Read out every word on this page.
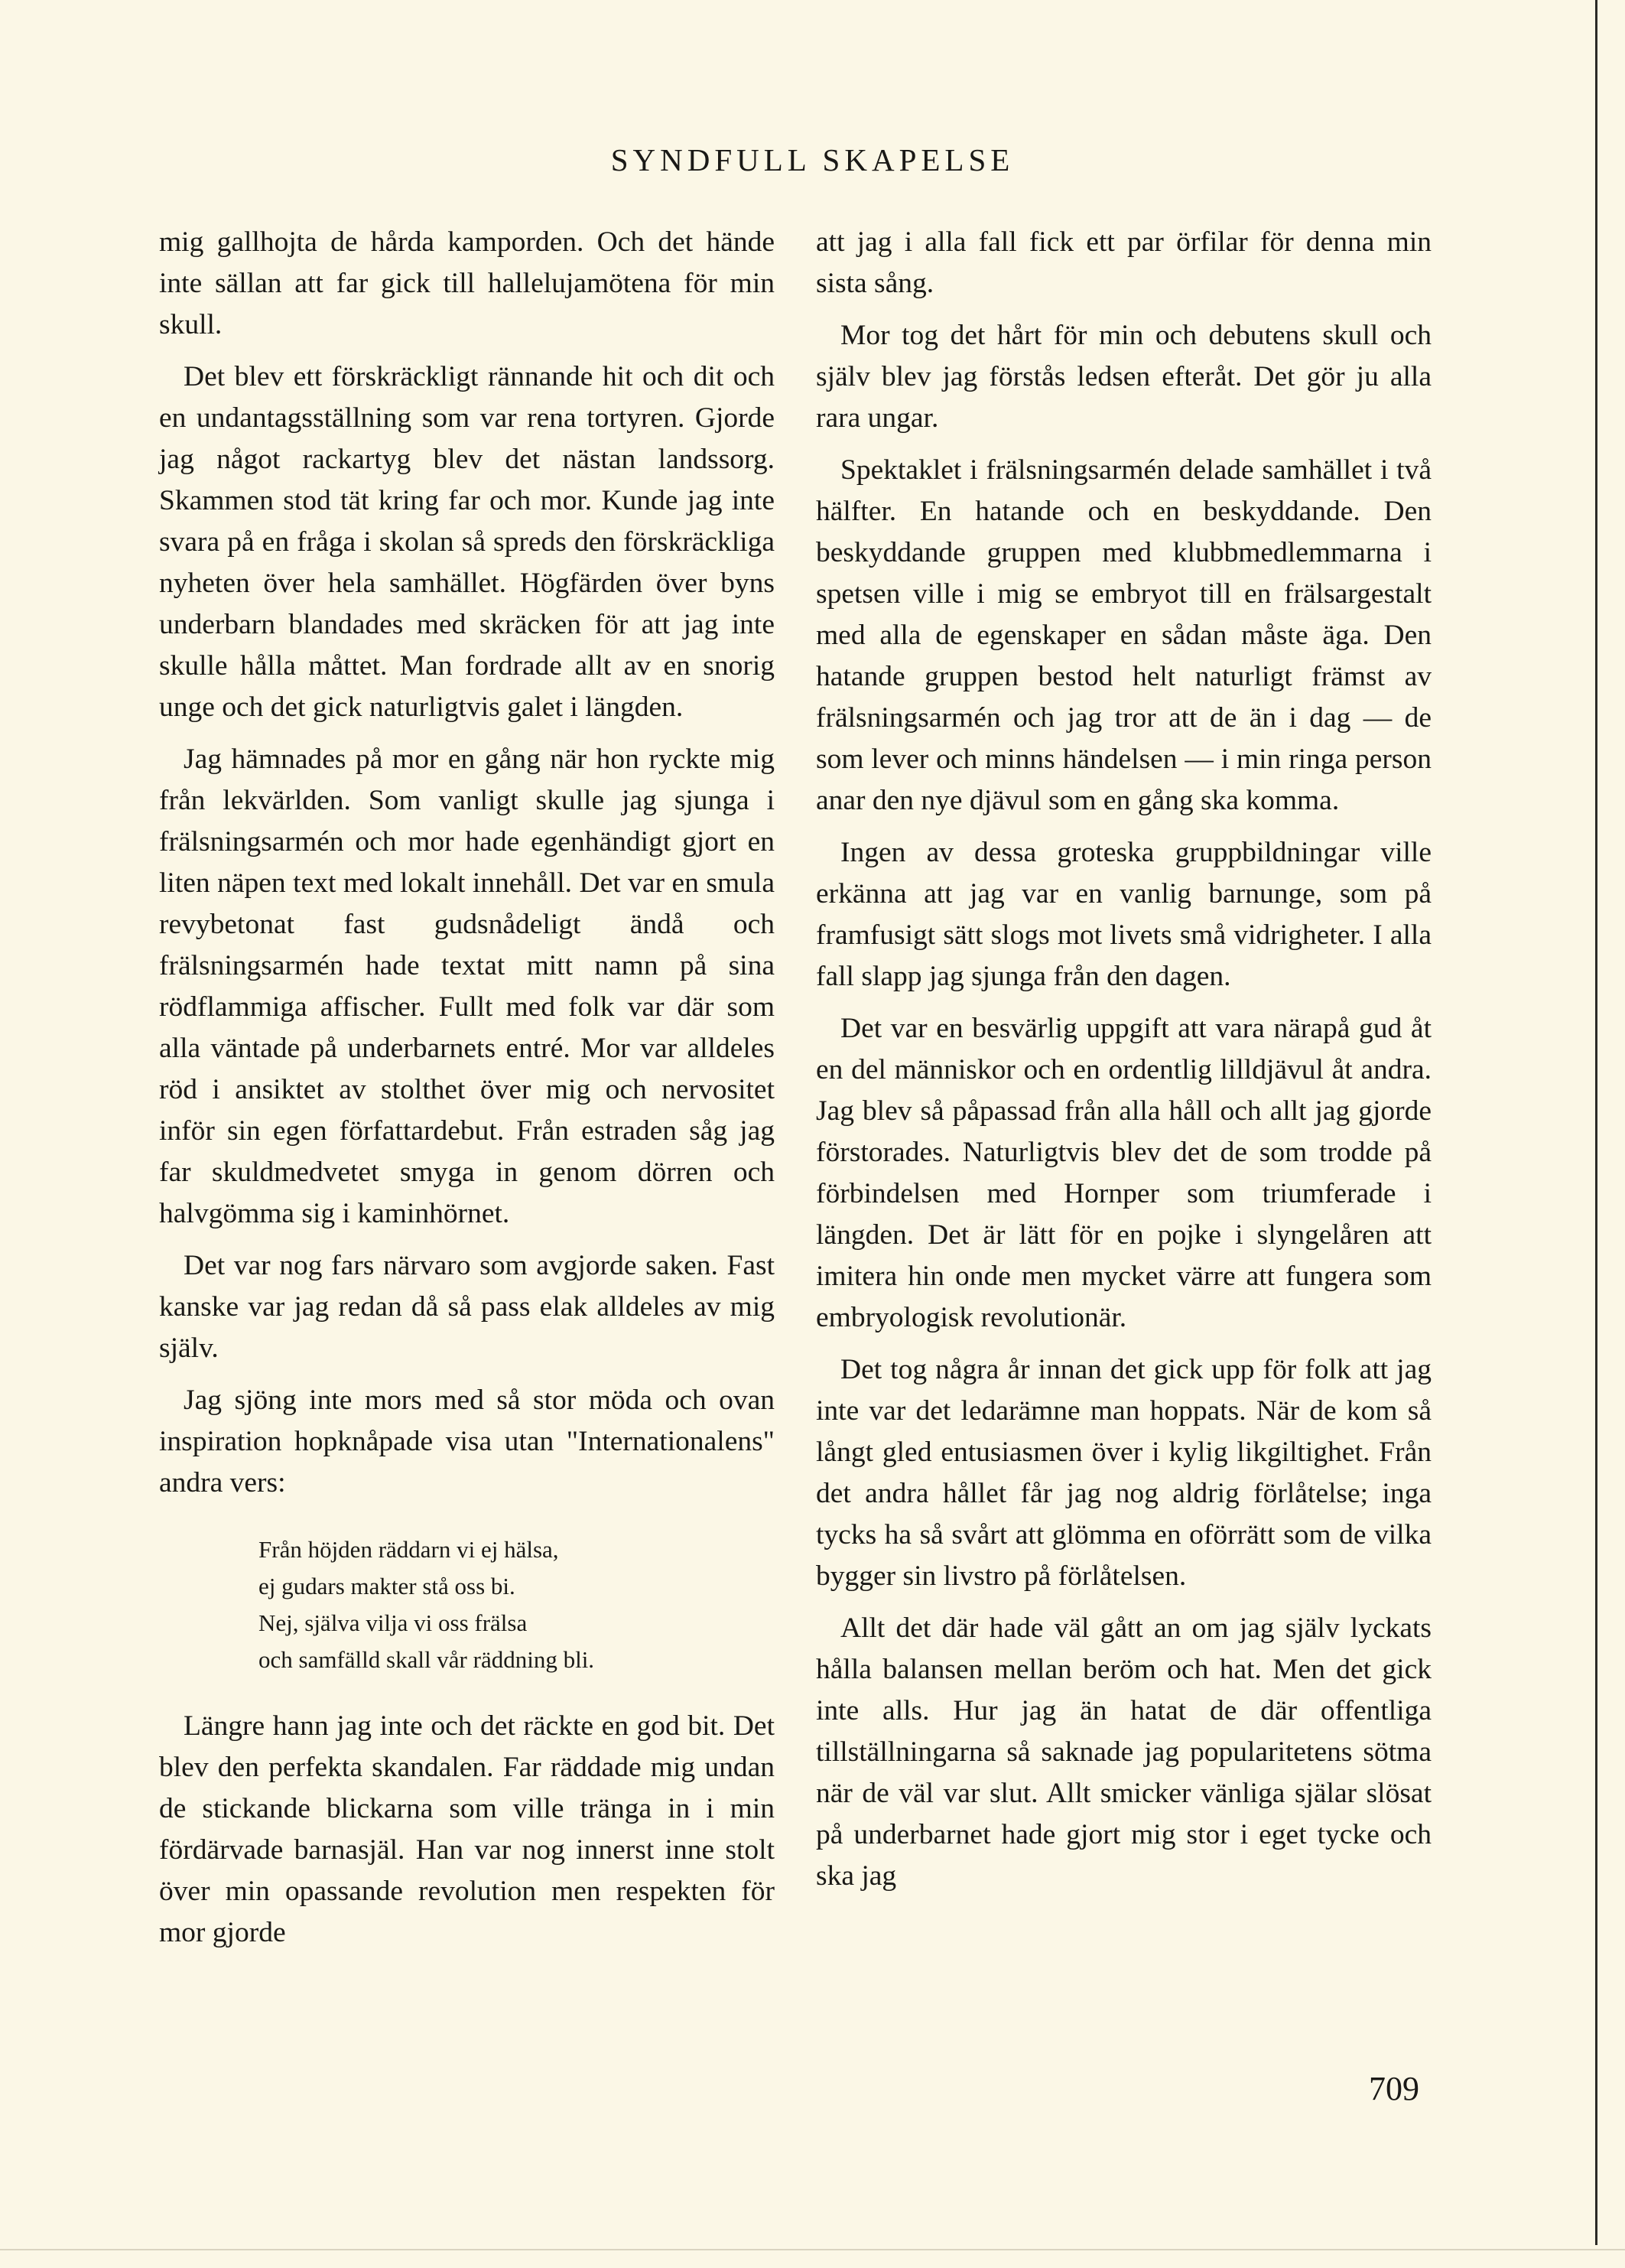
SYNDFULL SKAPELSE

mig gallhojta de hårda kamporden. Och det hände inte sällan att far gick till hallelujamötena för min skull.

Det blev ett förskräckligt rännande hit och dit och en undantagsställning som var rena tortyren. Gjorde jag något rackartyg blev det nästan landssorg. Skammen stod tät kring far och mor. Kunde jag inte svara på en fråga i skolan så spreds den förskräckliga nyheten över hela samhället. Högfärden över byns underbarn blandades med skräcken för att jag inte skulle hålla måttet. Man fordrade allt av en snorig unge och det gick naturligtvis galet i längden.

Jag hämnades på mor en gång när hon ryckte mig från lekvärlden. Som vanligt skulle jag sjunga i frälsningsarmén och mor hade egenhändigt gjort en liten näpen text med lokalt innehåll. Det var en smula revybetonat fast gudsnådeligt ändå och frälsningsarmén hade textat mitt namn på sina rödflammiga affischer. Fullt med folk var där som alla väntade på underbarnets entré. Mor var alldeles röd i ansiktet av stolthet över mig och nervositet inför sin egen författardebut. Från estraden såg jag far skuldmedvetet smyga in genom dörren och halvgömma sig i kaminhörnet.

Det var nog fars närvaro som avgjorde saken. Fast kanske var jag redan då så pass elak alldeles av mig själv.

Jag sjöng inte mors med så stor möda och ovan inspiration hopknåpade visa utan "Internationalens" andra vers:

Från höjden räddarn vi ej hälsa,
ej gudars makter stå oss bi.
Nej, själva vilja vi oss frälsa
och samfälld skall vår räddning bli.

Längre hann jag inte och det räckte en god bit. Det blev den perfekta skandalen. Far räddade mig undan de stickande blickarna som ville tränga in i min fördärvade barnasjäl. Han var nog innerst inne stolt över min opassande revolution men respekten för mor gjorde

att jag i alla fall fick ett par örfilar för denna min sista sång.

Mor tog det hårt för min och debutens skull och själv blev jag förstås ledsen efteråt. Det gör ju alla rara ungar.

Spektaklet i frälsningsarmén delade samhället i två hälfter. En hatande och en beskyddande. Den beskyddande gruppen med klubbmedlemmarna i spetsen ville i mig se embryot till en frälsargestalt med alla de egenskaper en sådan måste äga. Den hatande gruppen bestod helt naturligt främst av frälsningsarmén och jag tror att de än i dag — de som lever och minns händelsen — i min ringa person anar den nye djävul som en gång ska komma.

Ingen av dessa groteska gruppbildningar ville erkänna att jag var en vanlig barnunge, som på framfusigt sätt slogs mot livets små vidrigheter. I alla fall slapp jag sjunga från den dagen.

Det var en besvärlig uppgift att vara närapå gud åt en del människor och en ordentlig lilldjävul åt andra. Jag blev så påpassad från alla håll och allt jag gjorde förstorades. Naturligtvis blev det de som trodde på förbindelsen med Hornper som triumferade i längden. Det är lätt för en pojke i slyngelåren att imitera hin onde men mycket värre att fungera som embryologisk revolutionär.

Det tog några år innan det gick upp för folk att jag inte var det ledarämne man hoppats. När de kom så långt gled entusiasmen över i kylig likgiltighet. Från det andra hållet får jag nog aldrig förlåtelse; inga tycks ha så svårt att glömma en oförrätt som de vilka bygger sin livstro på förlåtelsen.

Allt det där hade väl gått an om jag själv lyckats hålla balansen mellan beröm och hat. Men det gick inte alls. Hur jag än hatat de där offentliga tillställningarna så saknade jag popularitetens sötma när de väl var slut. Allt smicker vänliga själar slösat på underbarnet hade gjort mig stor i eget tycke och ska jag

709
